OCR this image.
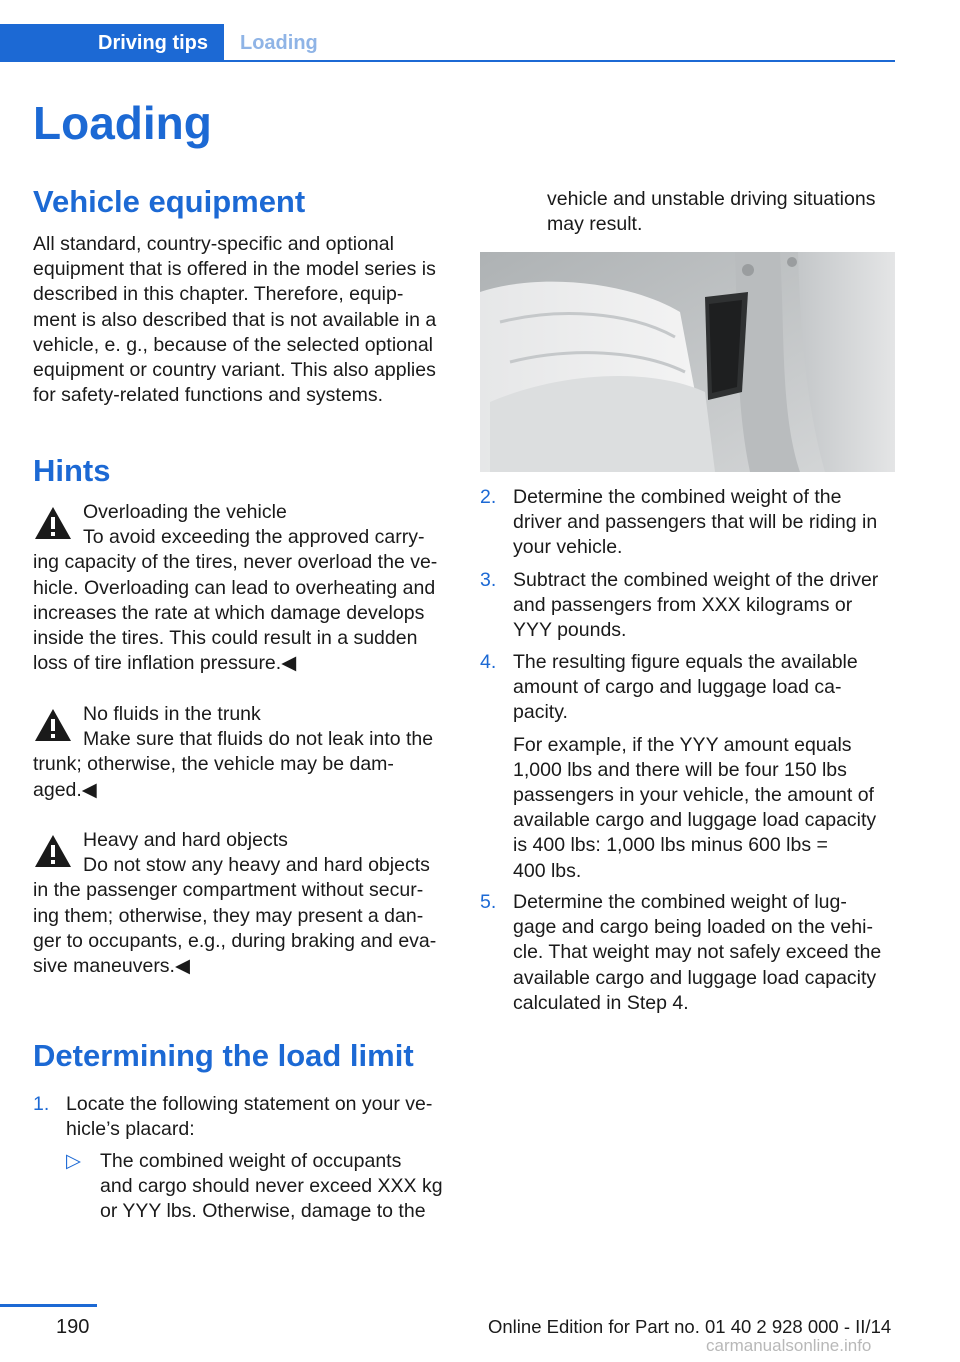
Driving tips	Loading
Loading
Vehicle equipment
All standard, country-specific and optional
equipment that is offered in the model series is
described in this chapter. Therefore, equip-
ment is also described that is not available in a
vehicle, e. g., because of the selected optional
equipment or country variant. This also applies
for safety-related functions and systems.
Hints
Overloading the vehicle
To avoid exceeding the approved carry-
ing capacity of the tires, never overload the ve-
hicle. Overloading can lead to overheating and
increases the rate at which damage develops
inside the tires. This could result in a sudden
loss of tire inflation pressure.◀
No fluids in the trunk
Make sure that fluids do not leak into the
trunk; otherwise, the vehicle may be dam-
aged.◀
Heavy and hard objects
Do not stow any heavy and hard objects
in the passenger compartment without secur-
ing them; otherwise, they may present a dan-
ger to occupants, e.g., during braking and eva-
sive maneuvers.◀
Determining the load limit
1. Locate the following statement on your ve-
hicle’s placard:
▷ The combined weight of occupants
and cargo should never exceed XXX kg
or YYY lbs. Otherwise, damage to the
vehicle and unstable driving situations
may result.
2. Determine the combined weight of the
driver and passengers that will be riding in
your vehicle.
3. Subtract the combined weight of the driver
and passengers from XXX kilograms or
YYY pounds.
4. The resulting figure equals the available
amount of cargo and luggage load ca-
pacity.
For example, if the YYY amount equals
1,000 lbs and there will be four 150 lbs
passengers in your vehicle, the amount of
available cargo and luggage load capacity
is 400 lbs: 1,000 lbs minus 600 lbs =
400 lbs.
5. Determine the combined weight of lug-
gage and cargo being loaded on the vehi-
cle. That weight may not safely exceed the
available cargo and luggage load capacity
calculated in Step 4.
190	Online Edition for Part no. 01 40 2 928 000 - II/14
carmanualsonline.info
